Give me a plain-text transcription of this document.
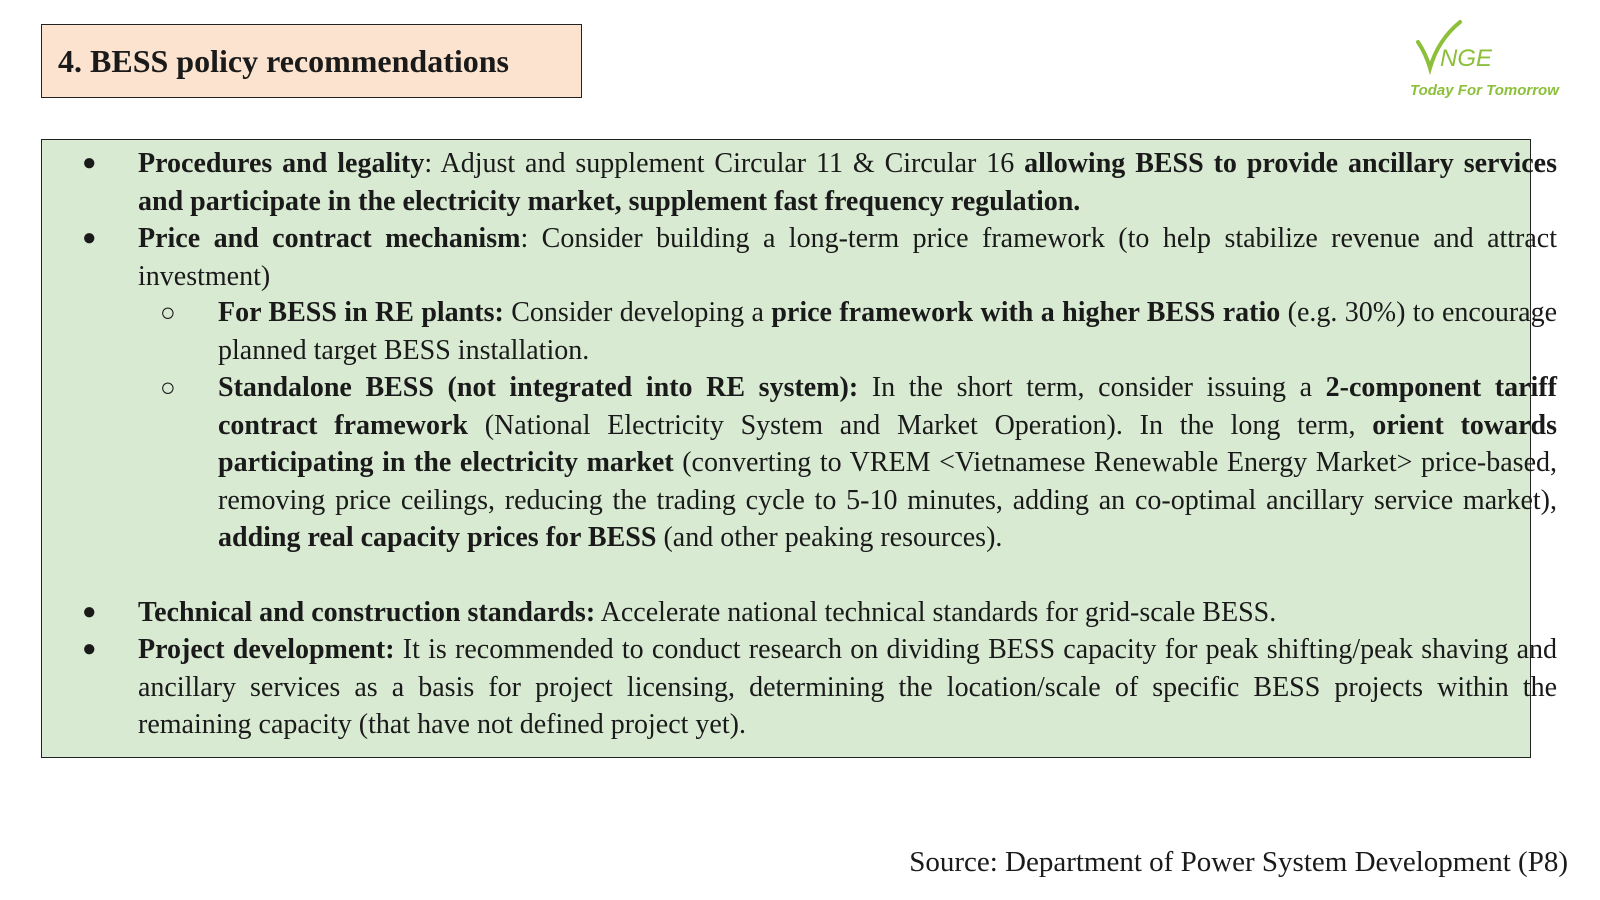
4. BESS policy recommendations	NGE
Today For Tomorrow
● Procedures and legality: Adjust and supplement Circular 11 & Circular 16 allowing BESS to provide ancillary services and participate in the electricity market, supplement fast frequency regulation.
● Price and contract mechanism: Consider building a long-term price framework (to help stabilize revenue and attract investment)
○ For BESS in RE plants: Consider developing a price framework with a higher BESS ratio (e.g. 30%) to encourage planned target BESS installation.
○ Standalone BESS (not integrated into RE system): In the short term, consider issuing a 2-component tariff contract framework (National Electricity System and Market Operation). In the long term, orient towards participating in the electricity market (converting to VREM <Vietnamese Renewable Energy Market> price-based, removing price ceilings, reducing the trading cycle to 5-10 minutes, adding an co-optimal ancillary service market), adding real capacity prices for BESS (and other peaking resources).
● Technical and construction standards: Accelerate national technical standards for grid-scale BESS.
● Project development: It is recommended to conduct research on dividing BESS capacity for peak shifting/peak shaving and ancillary services as a basis for project licensing, determining the location/scale of specific BESS projects within the remaining capacity (that have not defined project yet).
Source: Department of Power System Development (P8)
